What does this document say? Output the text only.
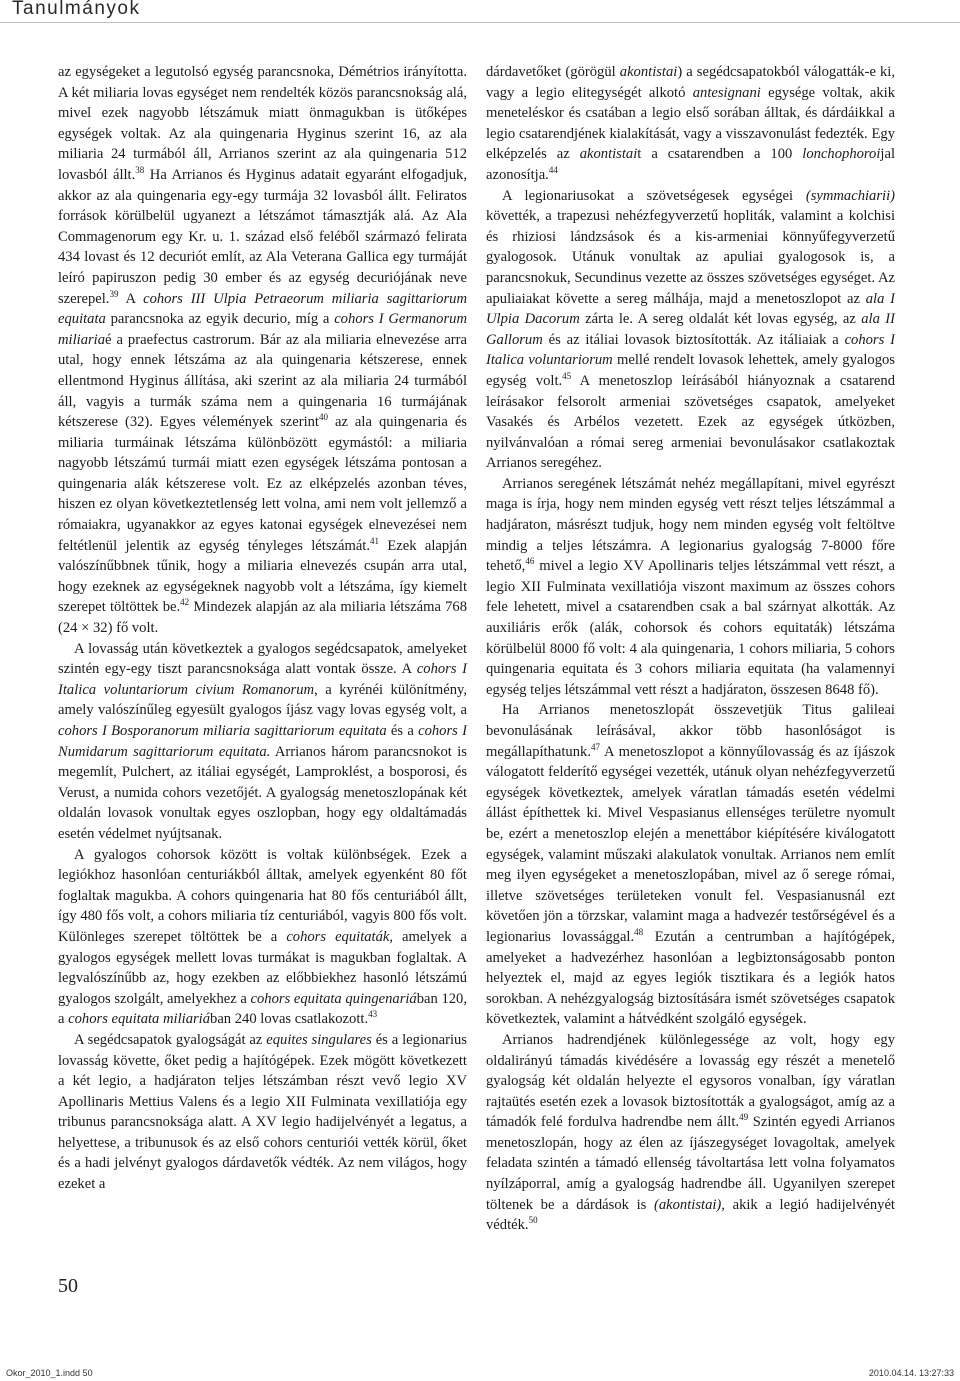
Tanulmányok

az egységeket a legutolsó egység parancsnoka, Démétrios irányította. A két miliaria lovas egységet nem rendelték közös parancsnokság alá, mivel ezek nagyobb létszámuk miatt önmagukban is ütőképes egységek voltak. Az ala quingenaria Hyginus szerint 16, az ala miliaria 24 turmából áll, Arrianos szerint az ala quingenaria 512 lovasból állt.$^{38}$ Ha Arrianos és Hyginus adatait egyaránt elfogadjuk, akkor az ala quingenaria egy-egy turmája 32 lovasból állt. Feliratos források körülbelül ugyanezt a létszámot támasztják alá. Az Ala Commagenorum egy Kr. u. 1. század első feléből származó felirata 434 lovast és 12 decuriót említ, az Ala Veterana Gallica egy turmáját leíró papiruszon pedig 30 ember és az egység decuriójának neve szerepel.$^{39}$ A cohors III Ulpia Petraeorum miliaria sagittariorum equitata parancsnoka az egyik decurio, míg a cohors I Germanorum miliariaé a praefectus castrorum. Bár az ala miliaria elnevezése arra utal, hogy ennek létszáma az ala quingenaria kétszerese, ennek ellentmond Hyginus állítása, aki szerint az ala miliaria 24 turmából áll, vagyis a turmák száma nem a quingenaria 16 turmájának kétszerese (32). Egyes vélemények szerint$^{40}$ az ala quingenaria és miliaria turmáinak létszáma különbözött egymástól: a miliaria nagyobb létszámú turmái miatt ezen egységek létszáma pontosan a quingenaria alák kétszerese volt. Ez az elképzelés azonban téves, hiszen ez olyan következtetlenség lett volna, ami nem volt jellemző a rómaiakra, ugyanakkor az egyes katonai egységek elnevezései nem feltétlenül jelentik az egység tényleges létszámát.$^{41}$ Ezek alapján valószínűbbnek tűnik, hogy a miliaria elnevezés csupán arra utal, hogy ezeknek az egységeknek nagyobb volt a létszáma, így kiemelt szerepet töltöttek be.$^{42}$ Mindezek alapján az ala miliaria létszáma 768 (24 × 32) fő volt.

A lovasság után következtek a gyalogos segédcsapatok, amelyeket szintén egy-egy tiszt parancsnoksága alatt vontak össze. A cohors I Italica voluntariorum civium Romanorum, a kyrénéi különítmény, amely valószínűleg egyesült gyalogos íjász vagy lovas egység volt, a cohors I Bosporanorum miliaria sagittariorum equitata és a cohors I Numidarum sagittariorum equitata. Arrianos három parancsnokot is megemlít, Pulchert, az itáliai egységét, Lamproklést, a bosporosi, és Verust, a numida cohors vezetőjét. A gyalogság menetoszlopának két oldalán lovasok vonultak egyes oszlopban, hogy egy oldaltámadás esetén védelmet nyújtsanak.

A gyalogos cohorsok között is voltak különbségek. Ezek a legiókhoz hasonlóan centuriákból álltak, amelyek egyenként 80 főt foglaltak magukba. A cohors quingenaria hat 80 fős centuriából állt, így 480 fős volt, a cohors miliaria tíz centuriából, vagyis 800 fős volt. Különleges szerepet töltöttek be a cohors equitaták, amelyek a gyalogos egységek mellett lovas turmákat is magukban foglaltak. A legvalószínűbb az, hogy ezekben az előbbiekhez hasonló létszámú gyalogos szolgált, amelyekhez a cohors equitata quingenariában 120, a cohors equitata miliariában 240 lovas csatlakozott.$^{43}$

A segédcsapatok gyalogságát az equites singulares és a legionarius lovasság követte, őket pedig a hajítógépek. Ezek mögött következett a két legio, a hadjáraton teljes létszámban részt vevő legio XV Apollinaris Mettius Valens és a legio XII Fulminata vexillatiója egy tribunus parancsnoksága alatt. A XV legio hadijelvényét a legatus, a helyettese, a tribunusok és az első cohors centuriói vették körül, őket és a hadi jelvényt gyalogos dárdavetők védték. Az nem világos, hogy ezeket a

dárdavetőket (görögül akontistai) a segédcsapatokból válogatták-e ki, vagy a legio elitegységét alkotó antesignani egysége voltak, akik meneteléskor és csatában a legio első sorában álltak, és dárdáikkal a legio csatarendjének kialakítását, vagy a visszavonulást fedezték. Egy elképzelés az akontistait a csatarendben a 100 lonchophoroijal azonosítja.$^{44}$

A legionariusokat a szövetségesek egységei (symmachiarii) követték, a trapezusi nehézfegyverzetű hopliták, valamint a kolchisi és rhiziosi lándzsások és a kis-armeniai könnyűfegyverzetű gyalogosok. Utánuk vonultak az apuliai gyalogosok is, a parancsnokuk, Secundinus vezette az összes szövetséges egységet. Az apuliaiakat követte a sereg málhája, majd a menetoszlopot az ala I Ulpia Dacorum zárta le. A sereg oldalát két lovas egység, az ala II Gallorum és az itáliai lovasok biztosították. Az itáliaiak a cohors I Italica voluntariorum mellé rendelt lovasok lehettek, amely gyalogos egység volt.$^{45}$ A menetoszlop leírásából hiányoznak a csatarend leírásakor felsorolt armeniai szövetséges csapatok, amelyeket Vasakés és Arbélos vezetett. Ezek az egységek útközben, nyilvánvalóan a római sereg armeniai bevonulásakor csatlakoztak Arrianos seregéhez.

Arrianos seregének létszámát nehéz megállapítani, mivel egyrészt maga is írja, hogy nem minden egység vett részt teljes létszámmal a hadjáraton, másrészt tudjuk, hogy nem minden egység volt feltöltve mindig a teljes létszámra. A legionarius gyalogság 7-8000 főre tehető,$^{46}$ mivel a legio XV Apollinaris teljes létszámmal vett részt, a legio XII Fulminata vexillatiója viszont maximum az összes cohors fele lehetett, mivel a csatarendben csak a bal szárnyat alkották. Az auxiliáris erők (alák, cohorsok és cohors equitaták) létszáma körülbelül 8000 fő volt: 4 ala quingenaria, 1 cohors miliaria, 5 cohors quingenaria equitata és 3 cohors miliaria equitata (ha valamennyi egység teljes létszámmal vett részt a hadjáraton, összesen 8648 fő).

Ha Arrianos menetoszlopát összevetjük Titus galileai bevonulásának leírásával, akkor több hasonlóságot is megállapíthatunk.$^{47}$ A menetoszlopot a könnyűlovasság és az íjászok válogatott felderítő egységei vezették, utánuk olyan nehézfegyverzetű egységek következtek, amelyek váratlan támadás esetén védelmi állást építhettek ki. Mivel Vespasianus ellenséges területre nyomult be, ezért a menetoszlop elején a menettábor kiépítésére kiválogatott egységek, valamint műszaki alakulatok vonultak. Arrianos nem említ meg ilyen egységeket a menetoszlopában, mivel az ő serege római, illetve szövetséges területeken vonult fel. Vespasianusnál ezt követően jön a törzskar, valamint maga a hadvezér testőrségével és a legionarius lovassággal.$^{48}$ Ezután a centrumban a hajítógépek, amelyeket a hadvezérhez hasonlóan a legbiztonságosabb ponton helyeztek el, majd az egyes legiók tisztikara és a legiók hatos sorokban. A nehézgyalogság biztosítására ismét szövetséges csapatok következtek, valamint a hátvédként szolgáló egységek.

Arrianos hadrendjének különlegessége az volt, hogy egy oldalirányú támadás kivédésére a lovasság egy részét a menetelő gyalogság két oldalán helyezte el egysoros vonalban, így váratlan rajtaütés esetén ezek a lovasok biztosították a gyalogságot, amíg az a támadók felé fordulva hadrendbe nem állt.$^{49}$ Szintén egyedi Arrianos menetoszlopán, hogy az élen az íjászegységet lovagoltak, amelyek feladata szintén a támadó ellenség távoltartása lett volna folyamatos nyílzáporral, amíg a gyalogság hadrendbe áll. Ugyanilyen szerepet töltenek be a dárdások is (akontistai), akik a legió hadijelvényét védték.$^{50}$

50
Okor_2010_1.indd 50	2010.04.14. 13:27:33
